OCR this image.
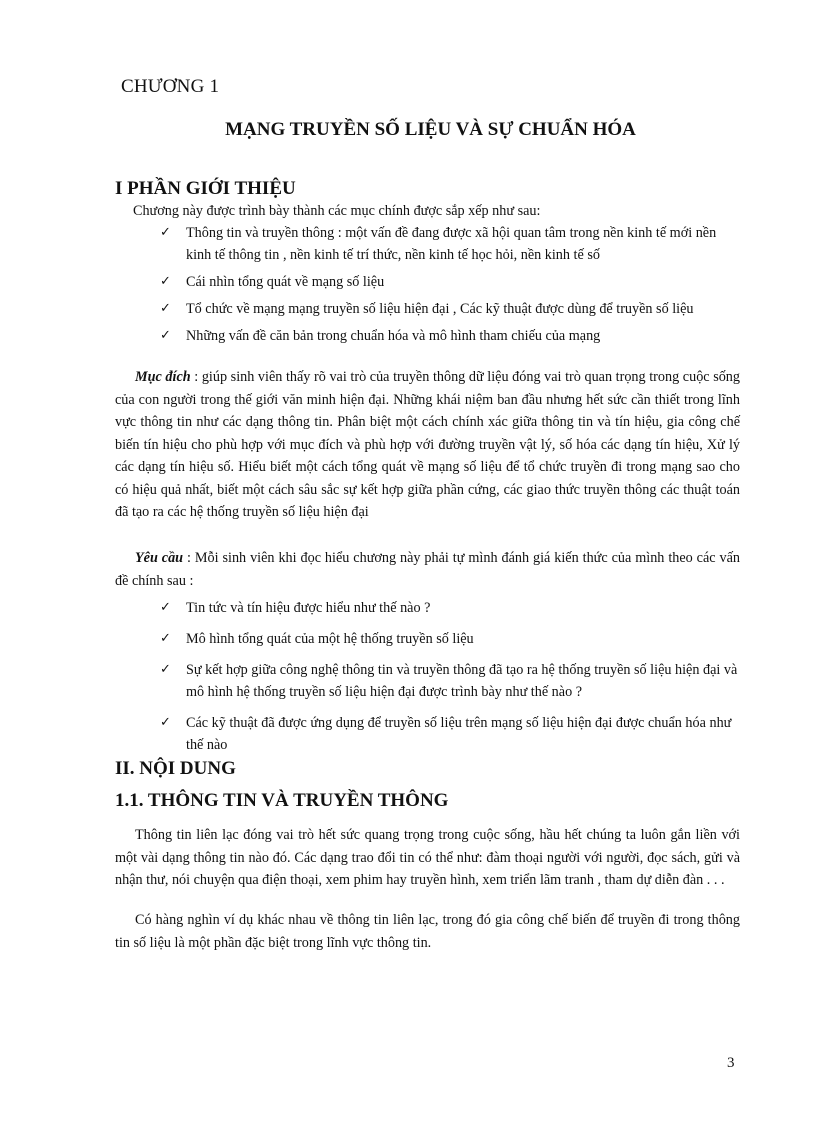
CHƯƠNG 1
MẠNG TRUYỀN SỐ LIỆU VÀ SỰ CHUẨN HÓA
I PHẦN GIỚI THIỆU

Chương này được trình bày thành các mục chính được sắp xếp như sau:

✓ Thông tin và truyền thông : một vấn đề đang được xã hội quan tâm trong nền kinh tế mới nền kinh tế thông tin , nền kinh tế trí thức, nền kinh tế học hỏi, nền kinh tế số
✓ Cái nhìn tổng quát về mạng số liệu
✓ Tổ chức về mạng mạng truyền số liệu hiện đại , Các kỹ thuật được dùng để truyền số liệu
✓ Những vấn đề căn bản trong chuẩn hóa và mô hình tham chiếu của mạng

Mục đích : giúp sinh viên thấy rõ vai trò của truyền thông dữ liệu đóng vai trò quan trọng trong cuộc sống của con người trong thế giới văn minh hiện đại. Những khái niệm ban đầu nhưng hết sức cần thiết trong lĩnh vực thông tin như các dạng thông tin. Phân biệt một cách chính xác giữa thông tin và tín hiệu, gia công chế biến tín hiệu cho phù hợp với mục đích và phù hợp với đường truyền vật lý, số hóa các dạng tín hiệu, Xử lý các dạng tín hiệu số. Hiểu biết một cách tổng quát về mạng số liệu để tổ chức truyền đi trong mạng sao cho có hiệu quả nhất, biết một cách sâu sắc sự kết hợp giữa phần cứng, các giao thức truyền thông các thuật toán đã tạo ra các hệ thống truyền số liệu hiện đại

Yêu cầu : Mỗi sinh viên khi đọc hiểu chương này phải tự mình đánh giá kiến thức của mình theo các vấn đề chính sau :

✓ Tin tức và tín hiệu được hiểu như thế nào ?
✓ Mô hình tổng quát của một hệ thống truyền số liệu
✓ Sự kết hợp giữa công nghệ thông tin và truyền thông đã tạo ra hệ thống truyền số liệu hiện đại và mô hình hệ thống truyền số liệu hiện đại được trình bày như thế nào ?
✓ Các kỹ thuật đã được ứng dụng để truyền số liệu trên mạng số liệu hiện đại được chuẩn hóa như thế nào
II. NỘI DUNG
1.1. THÔNG TIN VÀ TRUYỀN THÔNG

Thông tin liên lạc đóng vai trò hết sức quang trọng trong cuộc sống, hầu hết chúng ta luôn gắn liền với một vài dạng thông tin nào đó. Các dạng trao đổi tin có thể như: đàm thoại người với người, đọc sách, gửi và nhận thư, nói chuyện qua điện thoại, xem phim hay truyền hình, xem triển lãm tranh , tham dự diễn đàn . . .

Có hàng nghìn ví dụ khác nhau về thông tin liên lạc, trong đó gia công chế biến để truyền đi trong thông tin số liệu là một phần đặc biệt trong lĩnh vực thông tin.

3
